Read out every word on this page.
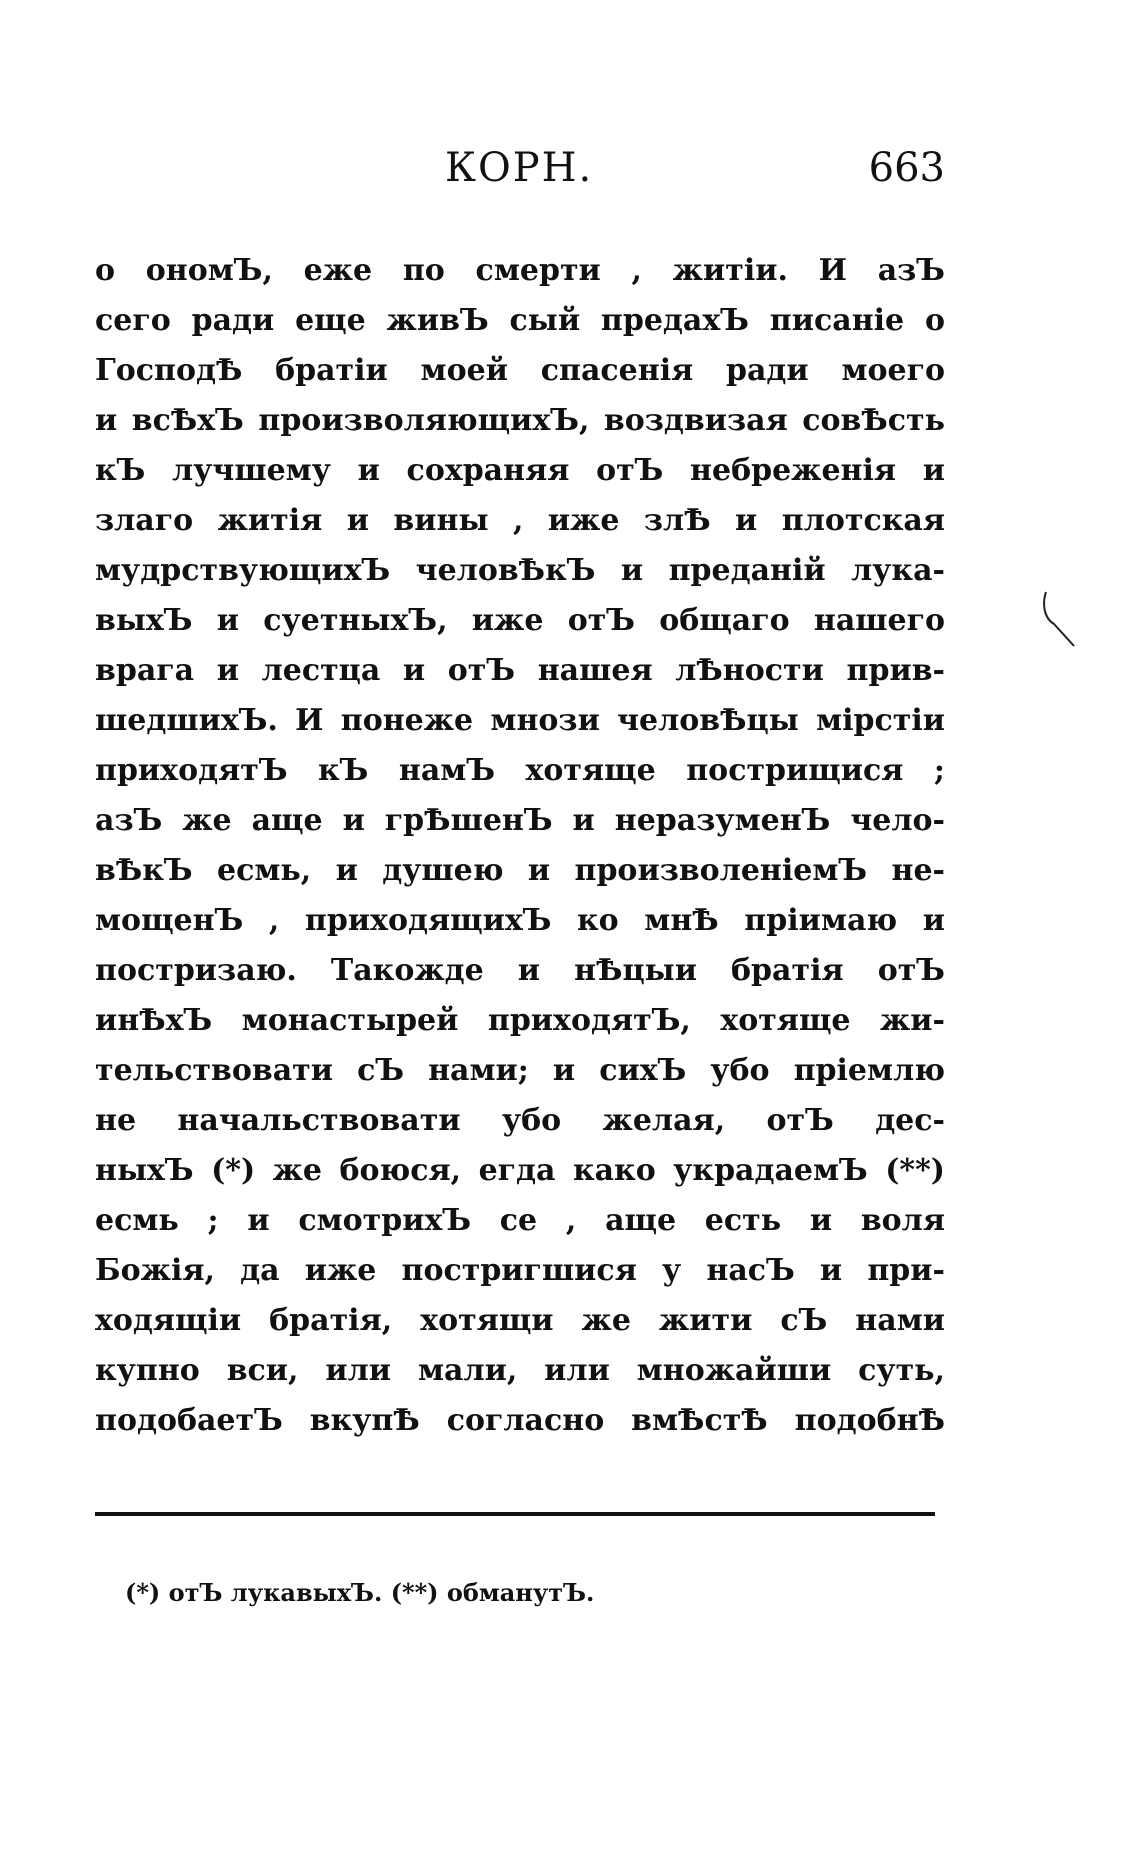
КОРН.	663
о ономЪ, еже по смерти , житіи. И азЪ
сего ради еще живЪ сый предахЪ писаніе о
ГосподѢ братіи моей спасенія ради моего
и всѢхЪ произволяющихЪ, воздвизая совѢсть
кЪ лучшему и сохраняя отЪ небреженія и
злаго житія и вины , иже злѢ и плотская
мудрствующихЪ человѢкЪ и преданій лука-
выхЪ и суетныхЪ, иже отЪ общаго нашего
врага и лестца и отЪ нашея лѢности прив-
шедшихЪ. И понеже мнози человѢцы мірстіи
приходятЪ кЪ намЪ хотяще пострищися ;
азЪ же аще и грѢшенЪ и неразуменЪ чело-
вѢкЪ есмь, и душею и произволеніемЪ не-
мощенЪ , приходящихЪ ко мнѢ пріимаю и
постризаю. Такожде и нѢцыи братія отЪ
инѢхЪ монастырей приходятЪ, хотяще жи-
тельствовати сЪ нами; и сихЪ убо пріемлю
не начальствовати убо желая, отЪ дес-
ныхЪ (*) же боюся, егда како украдаемЪ (**)
есмь ; и смотрихЪ се , аще есть и воля
Божія, да иже постригшися у насЪ и при-
ходящіи братія, хотящи же жити сЪ нами
купно вси, или мали, или множайши суть,
подобаетЪ вкупѢ согласно вмѢстѢ подобнѢ
(*) отЪ лукавыхЪ. (**) обманутЪ.
